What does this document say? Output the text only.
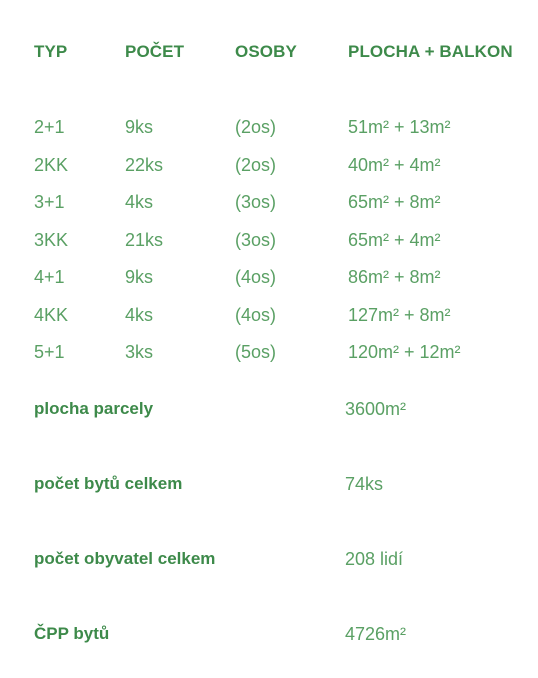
TYP	POČET	OSOBY	PLOCHA + BALKON
2+1	9ks	(2os)	51m² + 13m²
2KK	22ks	(2os)	40m² + 4m²
3+1	4ks	(3os)	65m² + 8m²
3KK	21ks	(3os)	65m² + 4m²
4+1	9ks	(4os)	86m² + 8m²
4KK	4ks	(4os)	127m² + 8m²
5+1	3ks	(5os)	120m² + 12m²
plocha parcely	3600m²
počet bytů celkem	74ks
počet obyvatel celkem	208 lidí
ČPP bytů	4726m²
